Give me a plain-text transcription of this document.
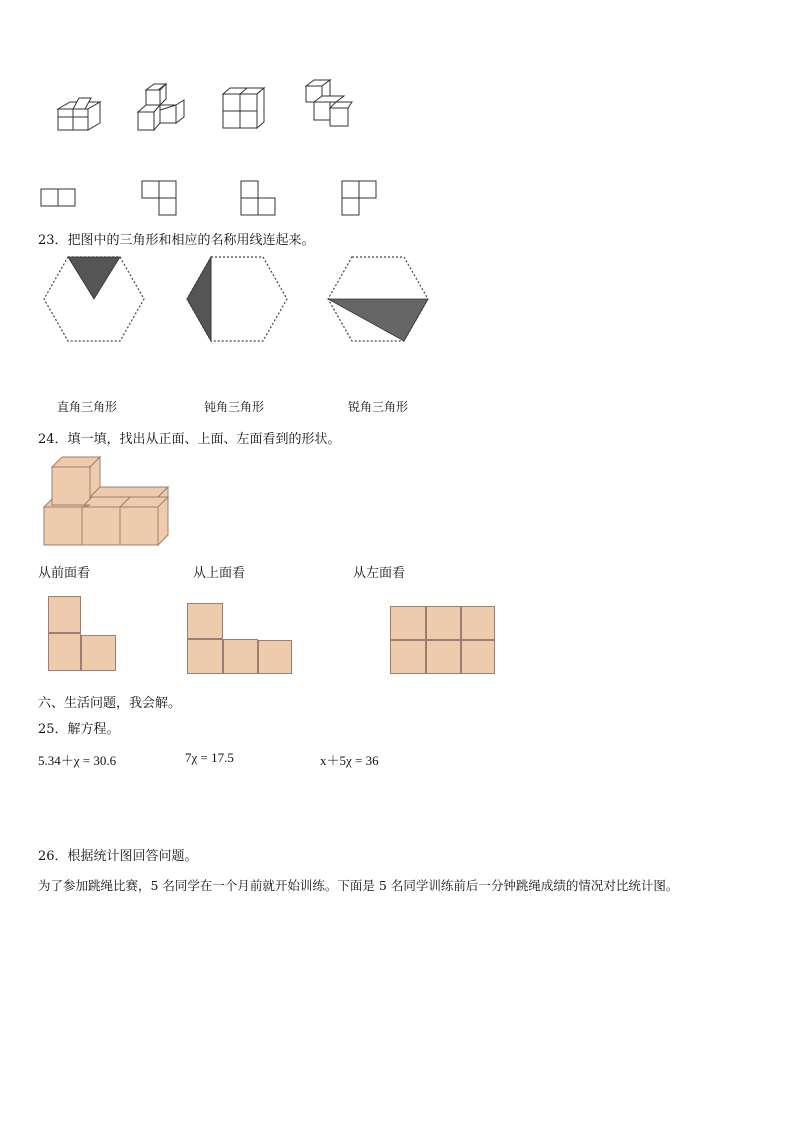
23．把图中的三角形和相应的名称用线连起来。
直角三角形	钝角三角形	锐角三角形
24．填一填，找出从正面、上面、左面看到的形状。
从前面看	从上面看	从左面看
六、生活问题，我会解。
25．解方程。
5.34＋χ = 30.6	7χ = 17.5	x＋5χ = 36
26．根据统计图回答问题。
为了参加跳绳比赛，5 名同学在一个月前就开始训练。下面是 5 名同学训练前后一分钟跳绳成绩的情况对比统计图。
